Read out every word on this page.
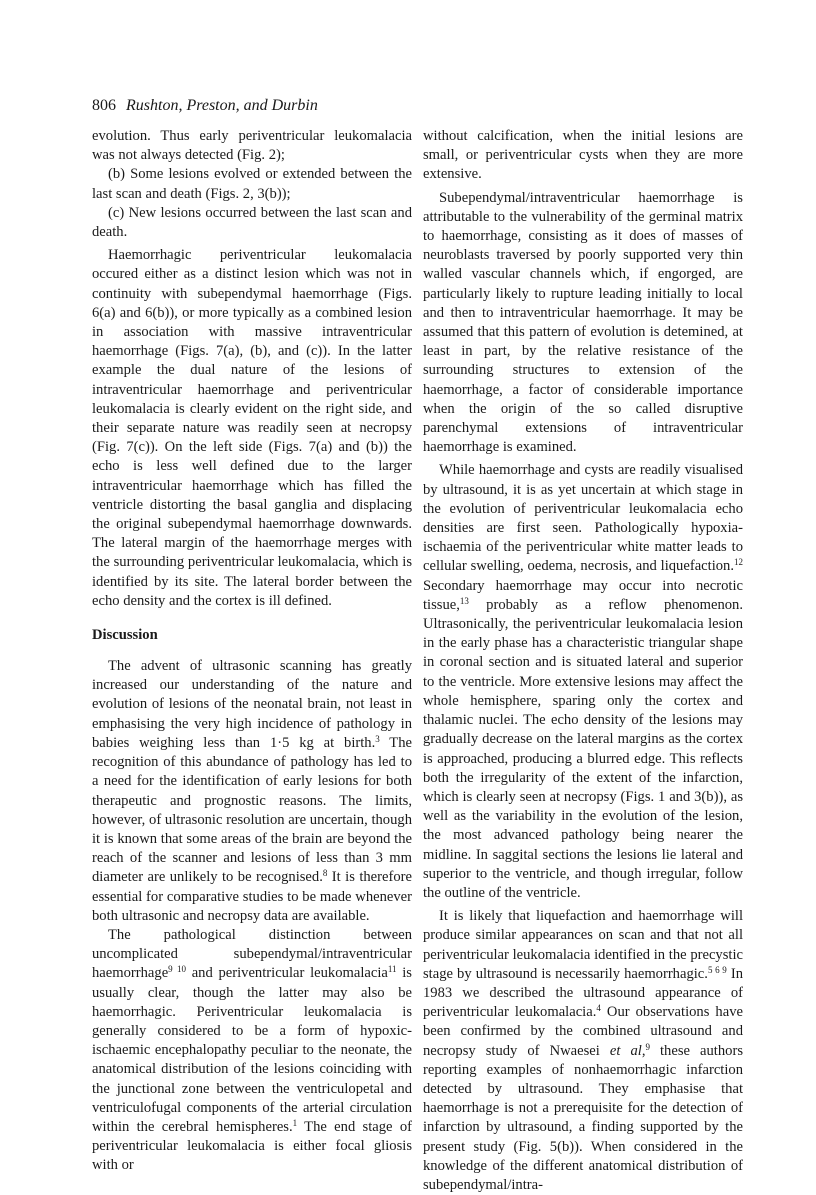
806 Rushton, Preston, and Durbin

evolution. Thus early periventricular leukomalacia was not always detected (Fig. 2);

(b) Some lesions evolved or extended between the last scan and death (Figs. 2, 3(b));

(c) New lesions occurred between the last scan and death.

Haemorrhagic periventricular leukomalacia occured either as a distinct lesion which was not in continuity with subependymal haemorrhage (Figs. 6(a) and 6(b)), or more typically as a combined lesion in association with massive intraventricular haemorrhage (Figs. 7(a), (b), and (c)). In the latter example the dual nature of the lesions of intraventricular haemorrhage and periventricular leukomalacia is clearly evident on the right side, and their separate nature was readily seen at necropsy (Fig. 7(c)). On the left side (Figs. 7(a) and (b)) the echo is less well defined due to the larger intraventricular haemorrhage which has filled the ventricle distorting the basal ganglia and displacing the original subependymal haemorrhage downwards. The lateral margin of the haemorrhage merges with the surrounding periventricular leukomalacia, which is identified by its site. The lateral border between the echo density and the cortex is ill defined.

Discussion

The advent of ultrasonic scanning has greatly increased our understanding of the nature and evolution of lesions of the neonatal brain, not least in emphasising the very high incidence of pathology in babies weighing less than 1·5 kg at birth.$^3$ The recognition of this abundance of pathology has led to a need for the identification of early lesions for both therapeutic and prognostic reasons. The limits, however, of ultrasonic resolution are uncertain, though it is known that some areas of the brain are beyond the reach of the scanner and lesions of less than 3 mm diameter are unlikely to be recognised.$^8$ It is therefore essential for comparative studies to be made whenever both ultrasonic and necropsy data are available.

The pathological distinction between uncomplicated subependymal/intraventricular haemorrhage$^{9 10}$ and periventricular leukomalacia$^{11}$ is usually clear, though the latter may also be haemorrhagic. Periventricular leukomalacia is generally considered to be a form of hypoxic-ischaemic encephalopathy peculiar to the neonate, the anatomical distribution of the lesions coinciding with the junctional zone between the ventriculopetal and ventriculofugal components of the arterial circulation within the cerebral hemispheres.$^1$ The end stage of periventricular leukomalacia is either focal gliosis with or

without calcification, when the initial lesions are small, or periventricular cysts when they are more extensive.

Subependymal/intraventricular haemorrhage is attributable to the vulnerability of the germinal matrix to haemorrhage, consisting as it does of masses of neuroblasts traversed by poorly supported very thin walled vascular channels which, if engorged, are particularly likely to rupture leading initially to local and then to intraventricular haemorrhage. It may be assumed that this pattern of evolution is detemined, at least in part, by the relative resistance of the surrounding structures to extension of the haemorrhage, a factor of considerable importance when the origin of the so called disruptive parenchymal extensions of intraventricular haemorrhage is examined.

While haemorrhage and cysts are readily visualised by ultrasound, it is as yet uncertain at which stage in the evolution of periventricular leukomalacia echo densities are first seen. Pathologically hypoxia-ischaemia of the periventricular white matter leads to cellular swelling, oedema, necrosis, and liquefaction.$^{12}$ Secondary haemorrhage may occur into necrotic tissue,$^{13}$ probably as a reflow phenomenon. Ultrasonically, the periventricular leukomalacia lesion in the early phase has a characteristic triangular shape in coronal section and is situated lateral and superior to the ventricle. More extensive lesions may affect the whole hemisphere, sparing only the cortex and thalamic nuclei. The echo density of the lesions may gradually decrease on the lateral margins as the cortex is approached, producing a blurred edge. This reflects both the irregularity of the extent of the infarction, which is clearly seen at necropsy (Figs. 1 and 3(b)), as well as the variability in the evolution of the lesion, the most advanced pathology being nearer the midline. In saggital sections the lesions lie lateral and superior to the ventricle, and though irregular, follow the outline of the ventricle.

It is likely that liquefaction and haemorrhage will produce similar appearances on scan and that not all periventricular leukomalacia identified in the precystic stage by ultrasound is necessarily haemorrhagic.$^{5 6 9}$ In 1983 we described the ultrasound appearance of periventricular leukomalacia.$^4$ Our observations have been confirmed by the combined ultrasound and necropsy study of Nwaesei et al,$^9$ these authors reporting examples of nonhaemorrhagic infarction detected by ultrasound. They emphasise that haemorrhage is not a prerequisite for the detection of infarction by ultrasound, a finding supported by the present study (Fig. 5(b)). When considered in the knowledge of the different anatomical distribution of subependymal/intra-
